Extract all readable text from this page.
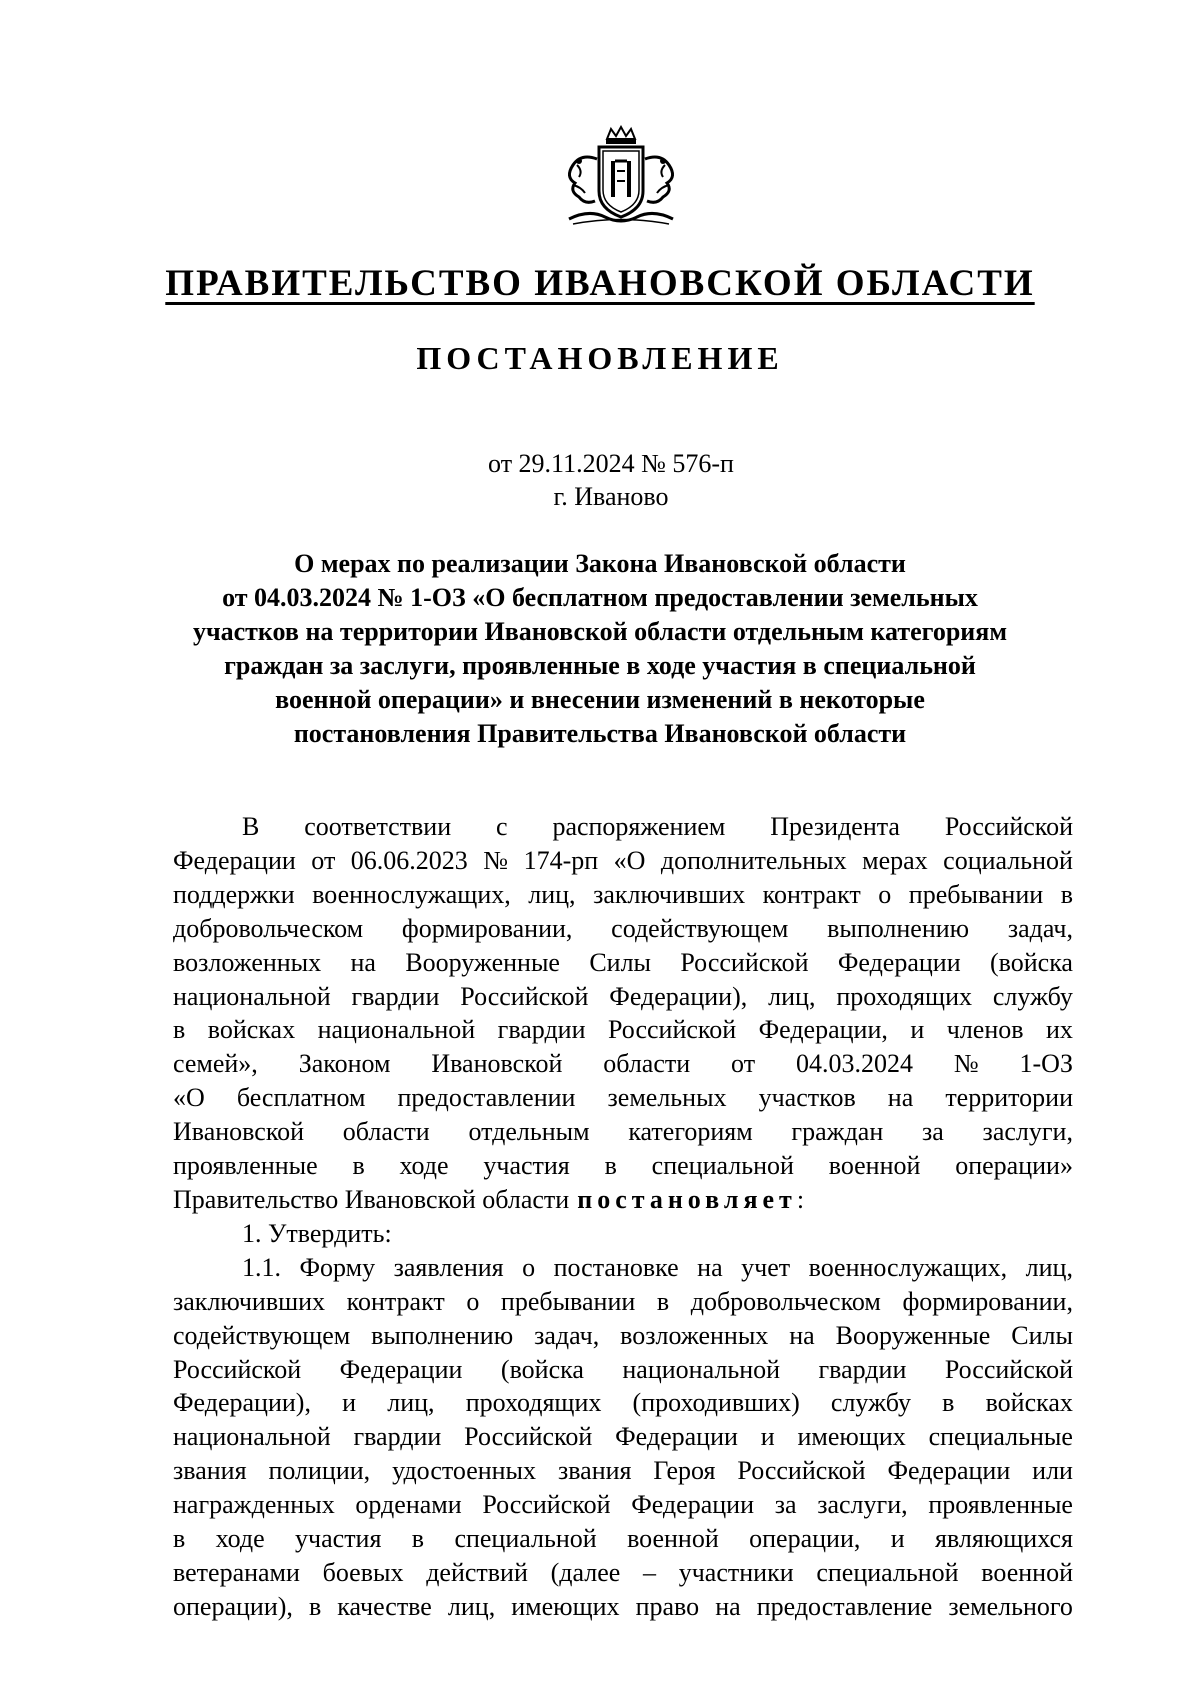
ПРАВИТЕЛЬСТВО ИВАНОВСКОЙ ОБЛАСТИ
ПОСТАНОВЛЕНИЕ
от 29.11.2024 № 576-п
г. Иваново
О мерах по реализации Закона Ивановской области
от 04.03.2024 № 1-ОЗ «О бесплатном предоставлении земельных
участков на территории Ивановской области отдельным категориям
граждан за заслуги, проявленные в ходе участия в специальной
военной операции» и внесении изменений в некоторые
постановления Правительства Ивановской области
В соответствии с распоряжением Президента Российской
Федерации от 06.06.2023 № 174-рп «О дополнительных мерах социальной
поддержки военнослужащих, лиц, заключивших контракт о пребывании в
добровольческом формировании, содействующем выполнению задач,
возложенных на Вооруженные Силы Российской Федерации (войска
национальной гвардии Российской Федерации), лиц, проходящих службу
в войсках национальной гвардии Российской Федерации, и членов их
семей», Законом Ивановской области от 04.03.2024 № 1-ОЗ
«О бесплатном предоставлении земельных участков на территории
Ивановской области отдельным категориям граждан за заслуги,
проявленные в ходе участия в специальной военной операции»
Правительство Ивановской области постановляет :
1. Утвердить:
1.1. Форму заявления о постановке на учет военнослужащих, лиц,
заключивших контракт о пребывании в добровольческом формировании,
содействующем выполнению задач, возложенных на Вооруженные Силы
Российской Федерации (войска национальной гвардии Российской
Федерации), и лиц, проходящих (проходивших) службу в войсках
национальной гвардии Российской Федерации и имеющих специальные
звания полиции, удостоенных звания Героя Российской Федерации или
награжденных орденами Российской Федерации за заслуги, проявленные
в ходе участия в специальной военной операции, и являющихся
ветеранами боевых действий (далее – участники специальной военной
операции), в качестве лиц, имеющих право на предоставление земельного
